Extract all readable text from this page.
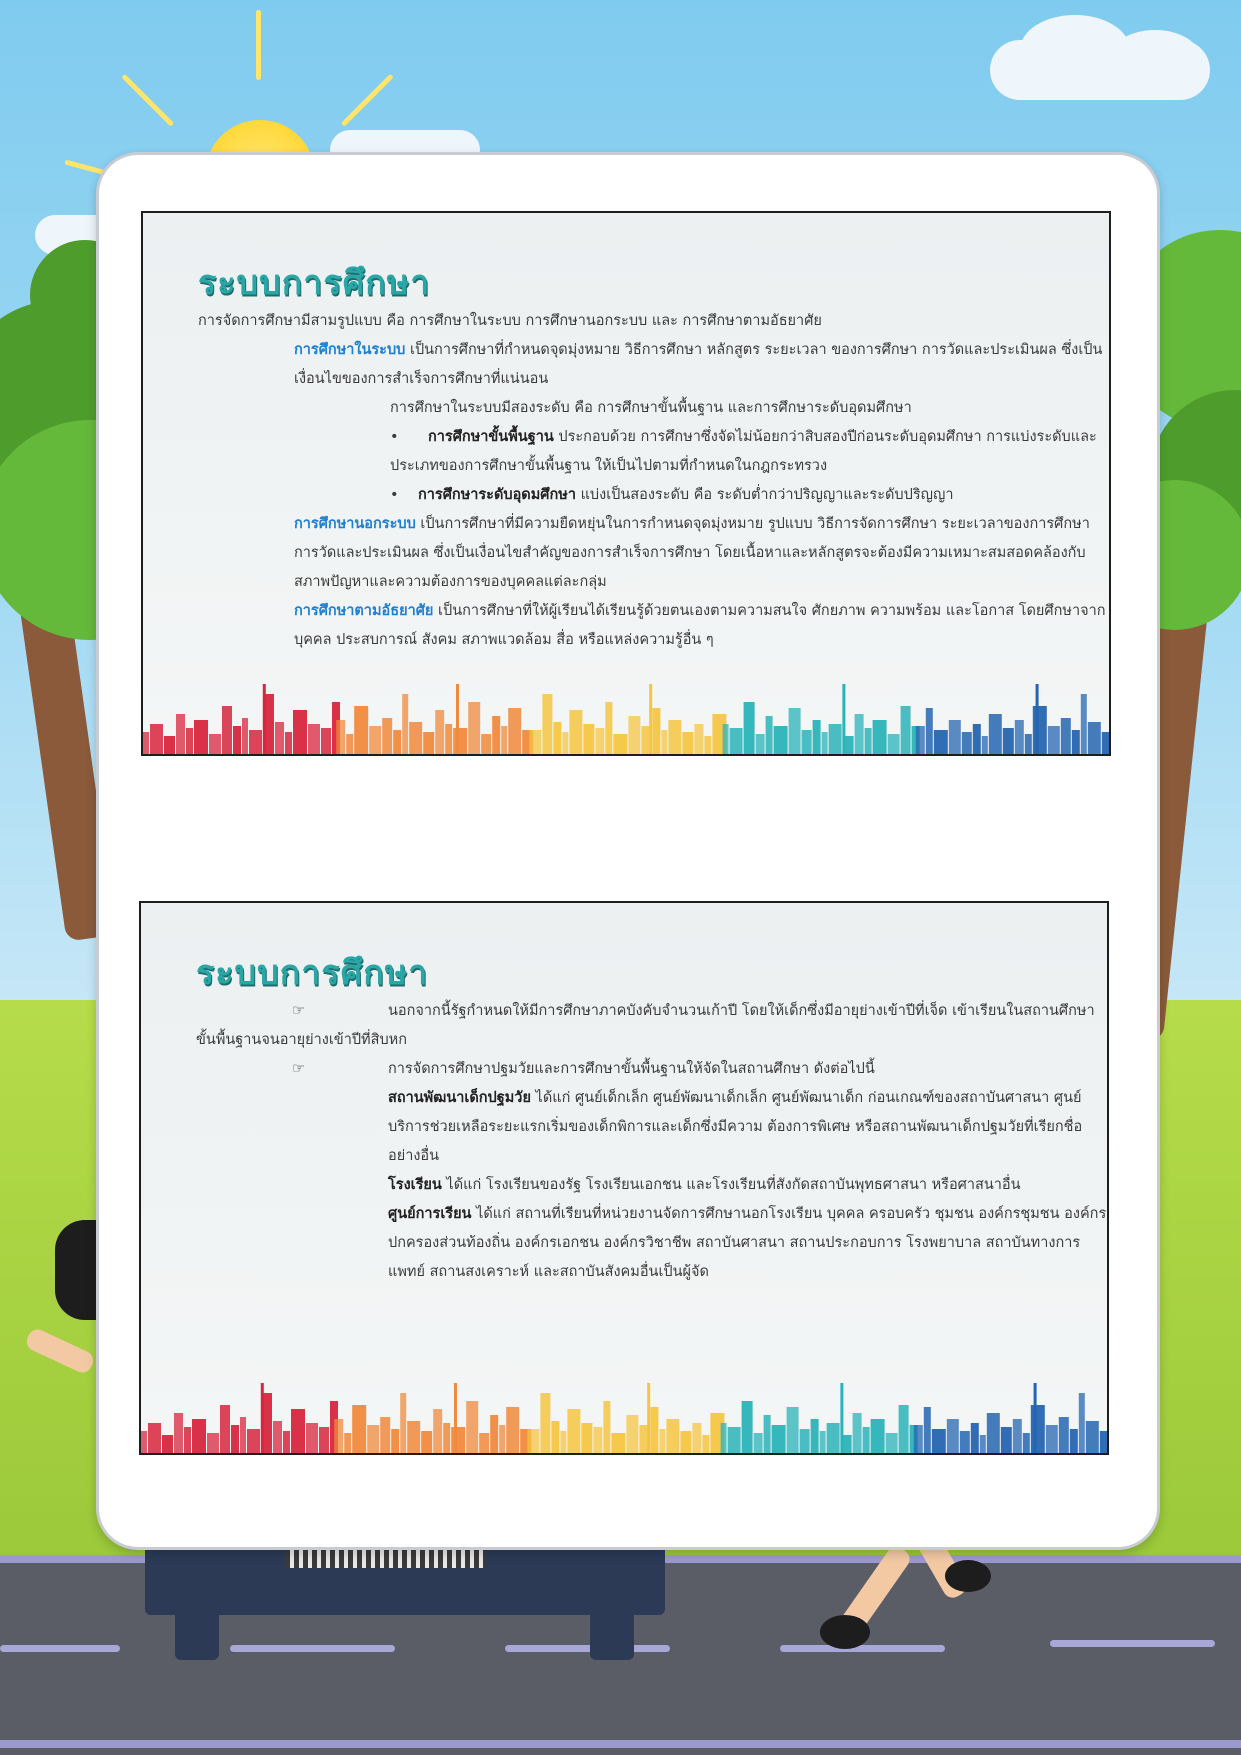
ระบบการศึกษา

การจัดการศึกษามีสามรูปแบบ คือ การศึกษาในระบบ การศึกษานอกระบบ และ การศึกษาตามอัธยาศัย

การศึกษาในระบบ เป็นการศึกษาที่กำหนดจุดมุ่งหมาย วิธีการศึกษา หลักสูตร ระยะเวลา ของการศึกษา การวัดและประเมินผล ซึ่งเป็นเงื่อนไขของการสำเร็จการศึกษาที่แน่นอน

การศึกษาในระบบมีสองระดับ คือ การศึกษาขั้นพื้นฐาน และการศึกษาระดับอุดมศึกษา

• การศึกษาขั้นพื้นฐาน ประกอบด้วย การศึกษาซึ่งจัดไม่น้อยกว่าสิบสองปีก่อนระดับอุดมศึกษา การแบ่งระดับและประเภทของการศึกษาขั้นพื้นฐาน ให้เป็นไปตามที่กำหนดในกฎกระทรวง

• การศึกษาระดับอุดมศึกษา แบ่งเป็นสองระดับ คือ ระดับต่ำกว่าปริญญาและระดับปริญญา

การศึกษานอกระบบ เป็นการศึกษาที่มีความยืดหยุ่นในการกำหนดจุดมุ่งหมาย รูปแบบ วิธีการจัดการศึกษา ระยะเวลาของการศึกษา การวัดและประเมินผล ซึ่งเป็นเงื่อนไขสำคัญของการสำเร็จการศึกษา โดยเนื้อหาและหลักสูตรจะต้องมีความเหมาะสมสอดคล้องกับสภาพปัญหาและความต้องการของบุคคลแต่ละกลุ่ม

การศึกษาตามอัธยาศัย เป็นการศึกษาที่ให้ผู้เรียนได้เรียนรู้ด้วยตนเองตามความสนใจ ศักยภาพ ความพร้อม และโอกาส โดยศึกษาจากบุคคล ประสบการณ์ สังคม สภาพแวดล้อม สื่อ หรือแหล่งความรู้อื่น ๆ

ระบบการศึกษา

☞	นอกจากนี้รัฐกำหนดให้มีการศึกษาภาคบังคับจำนวนเก้าปี โดยให้เด็กซึ่งมีอายุย่างเข้าปีที่เจ็ด เข้าเรียนในสถานศึกษาขั้นพื้นฐานจนอายุย่างเข้าปีที่สิบหก

☞	การจัดการศึกษาปฐมวัยและการศึกษาขั้นพื้นฐานให้จัดในสถานศึกษา ดังต่อไปนี้

สถานพัฒนาเด็กปฐมวัย ได้แก่ ศูนย์เด็กเล็ก ศูนย์พัฒนาเด็กเล็ก ศูนย์พัฒนาเด็ก ก่อนเกณฑ์ของสถาบันศาสนา ศูนย์บริการช่วยเหลือระยะแรกเริ่มของเด็กพิการและเด็กซึ่งมีความ ต้องการพิเศษ หรือสถานพัฒนาเด็กปฐมวัยที่เรียกชื่ออย่างอื่น

โรงเรียน ได้แก่ โรงเรียนของรัฐ โรงเรียนเอกชน และโรงเรียนที่สังกัดสถาบันพุทธศาสนา หรือศาสนาอื่น

ศูนย์การเรียน ได้แก่ สถานที่เรียนที่หน่วยงานจัดการศึกษานอกโรงเรียน บุคคล ครอบครัว ชุมชน องค์กรชุมชน องค์กรปกครองส่วนท้องถิ่น องค์กรเอกชน องค์กรวิชาชีพ สถาบันศาสนา สถานประกอบการ โรงพยาบาล สถาบันทางการแพทย์ สถานสงเคราะห์ และสถาบันสังคมอื่นเป็นผู้จัด
